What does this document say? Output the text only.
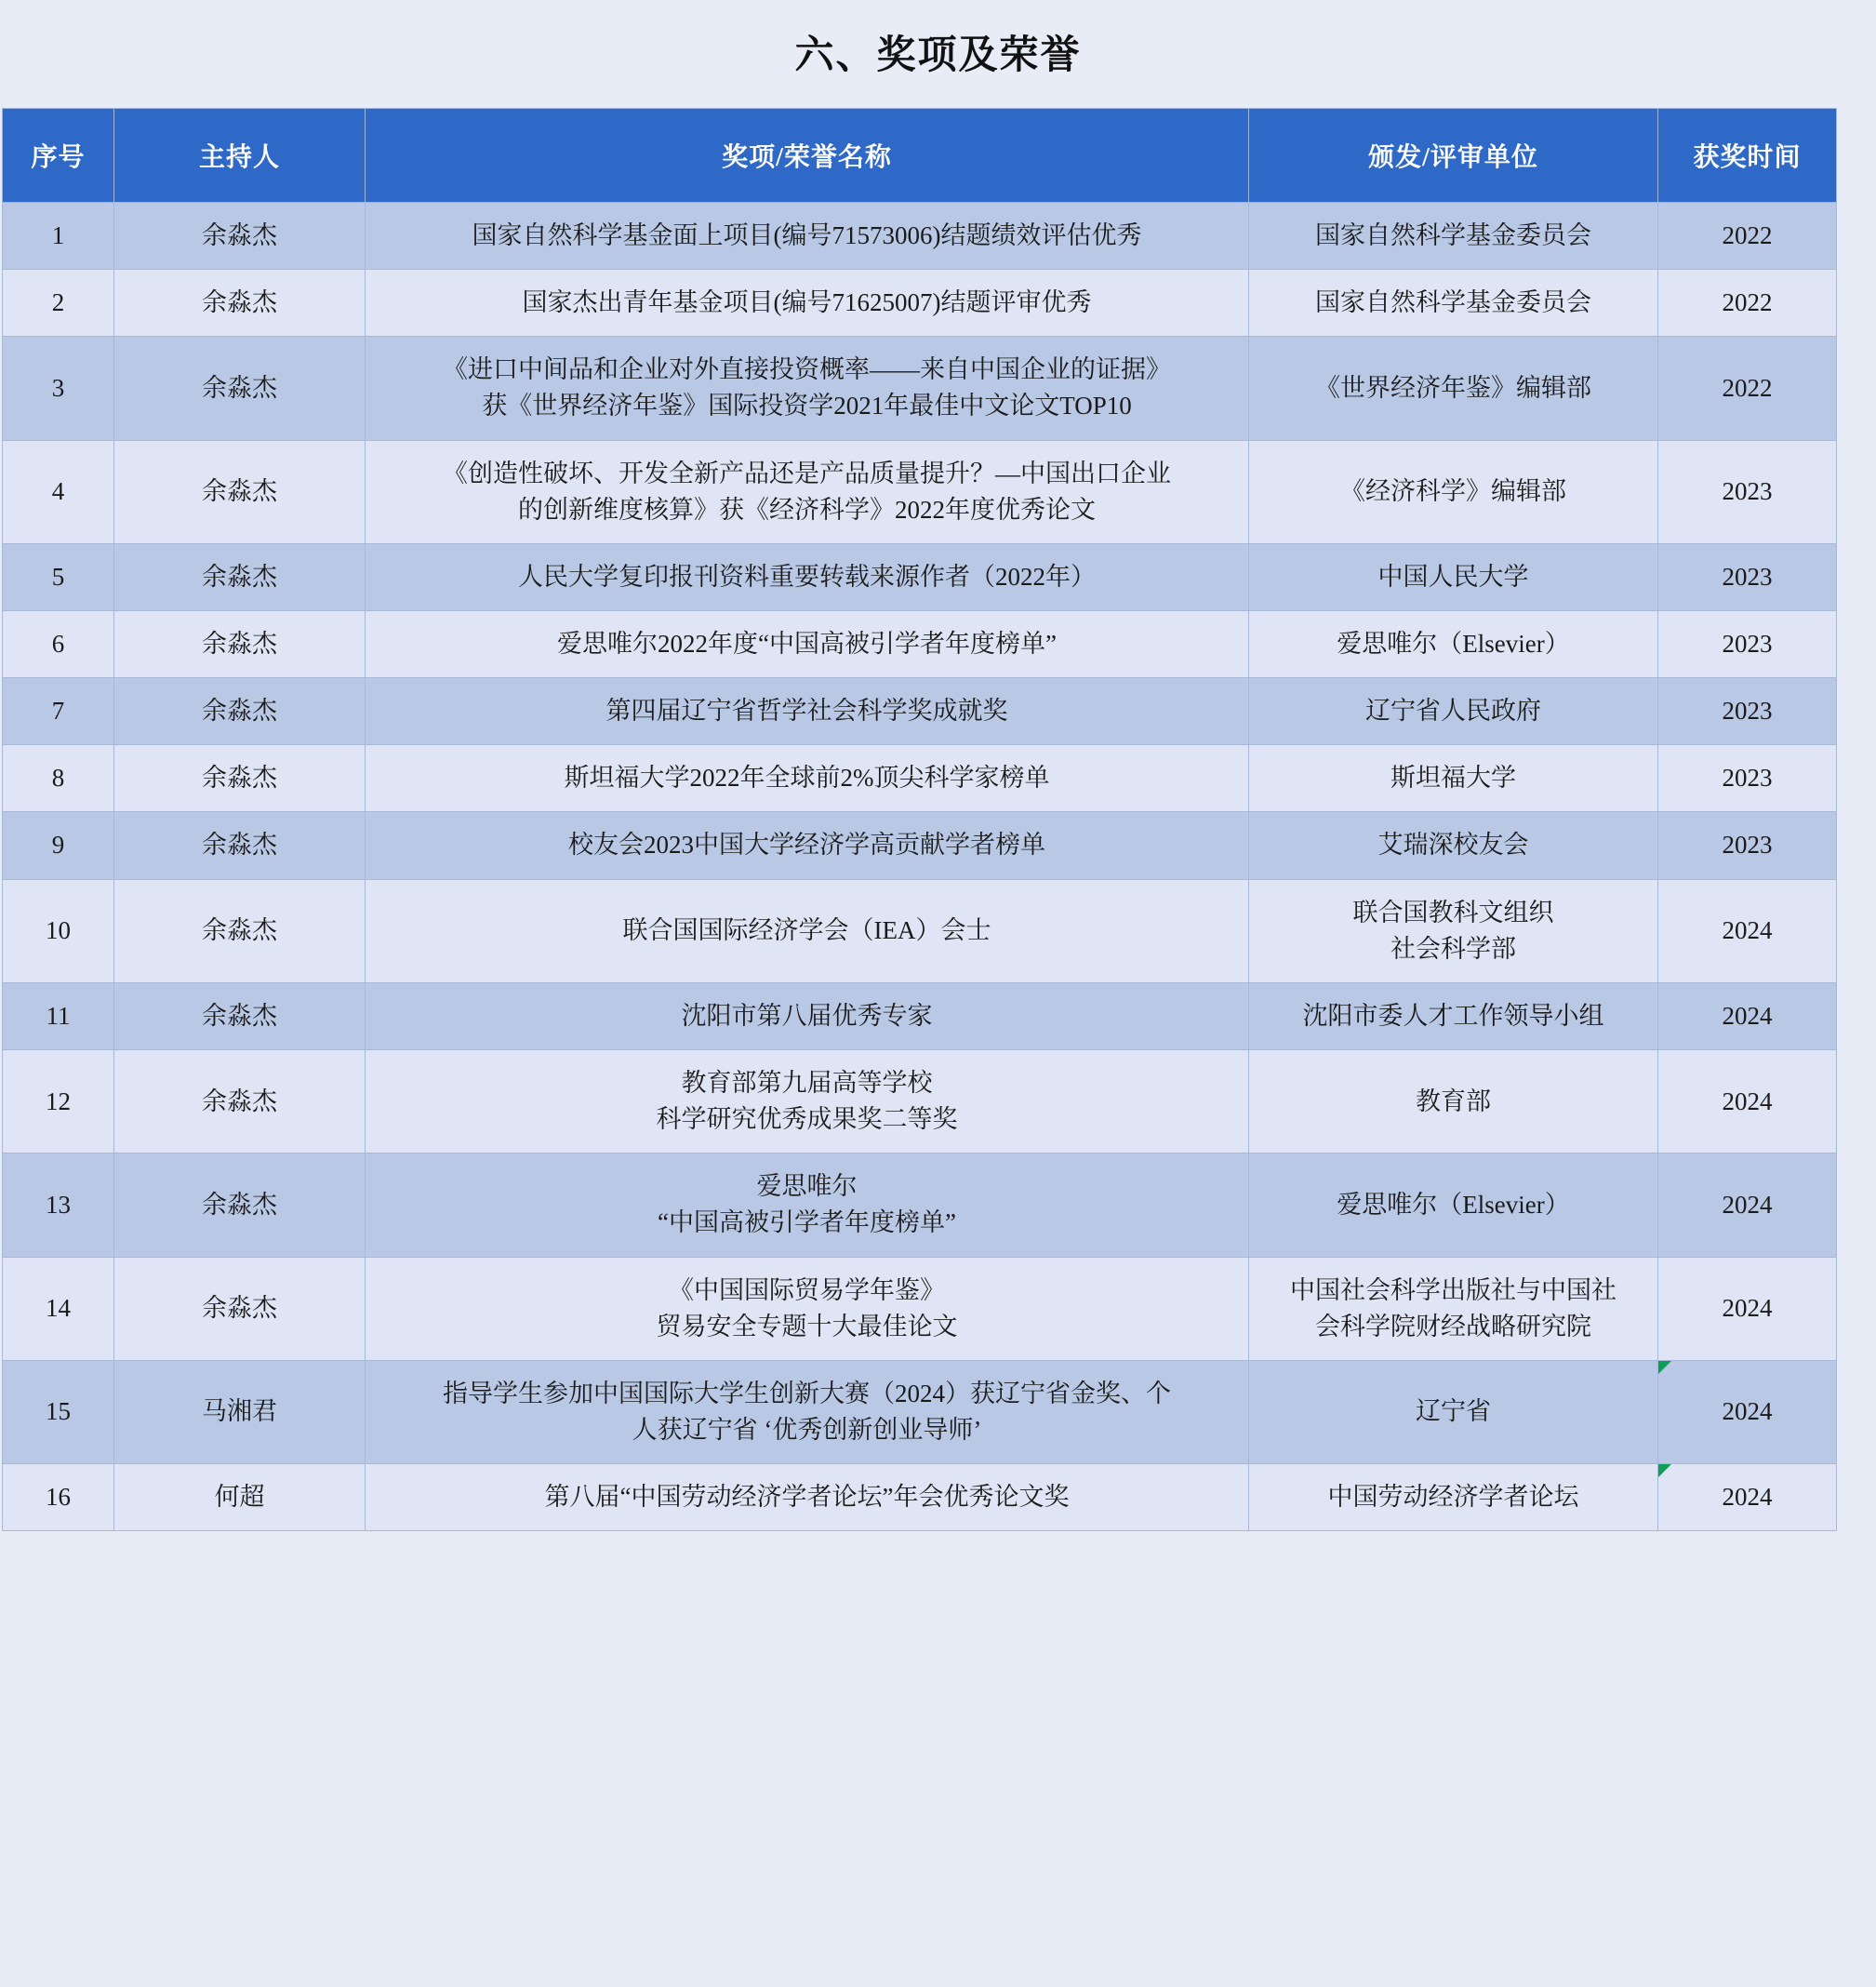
六、奖项及荣誉
序号	主持人	奖项/荣誉名称	颁发/评审单位	获奖时间
1	余淼杰	国家自然科学基金面上项目(编号71573006)结题绩效评估优秀	国家自然科学基金委员会	2022
2	余淼杰	国家杰出青年基金项目(编号71625007)结题评审优秀	国家自然科学基金委员会	2022
3	余淼杰	《进口中间品和企业对外直接投资概率——来自中国企业的证据》
获《世界经济年鉴》国际投资学2021年最佳中文论文TOP10	《世界经济年鉴》编辑部	2022
4	余淼杰	《创造性破坏、开发全新产品还是产品质量提升？—中国出口企业
的创新维度核算》获《经济科学》2022年度优秀论文	《经济科学》编辑部	2023
5	余淼杰	人民大学复印报刊资料重要转载来源作者（2022年）	中国人民大学	2023
6	余淼杰	爱思唯尔2022年度“中国高被引学者年度榜单”	爱思唯尔（Elsevier）	2023
7	余淼杰	第四届辽宁省哲学社会科学奖成就奖	辽宁省人民政府	2023
8	余淼杰	斯坦福大学2022年全球前2%顶尖科学家榜单	斯坦福大学	2023
9	余淼杰	校友会2023中国大学经济学高贡献学者榜单	艾瑞深校友会	2023
10	余淼杰	联合国国际经济学会（IEA）会士	联合国教科文组织
社会科学部	2024
11	余淼杰	沈阳市第八届优秀专家	沈阳市委人才工作领导小组	2024
12	余淼杰	教育部第九届高等学校
科学研究优秀成果奖二等奖	教育部	2024
13	余淼杰	爱思唯尔
“中国高被引学者年度榜单”	爱思唯尔（Elsevier）	2024
14	余淼杰	《中国国际贸易学年鉴》
贸易安全专题十大最佳论文	中国社会科学出版社与中国社
会科学院财经战略研究院	2024
15	马湘君	指导学生参加中国国际大学生创新大赛（2024）获辽宁省金奖、个
人获辽宁省 ‘优秀创新创业导师’	辽宁省	2024
16	何超	第八届“中国劳动经济学者论坛”年会优秀论文奖	中国劳动经济学者论坛	2024
